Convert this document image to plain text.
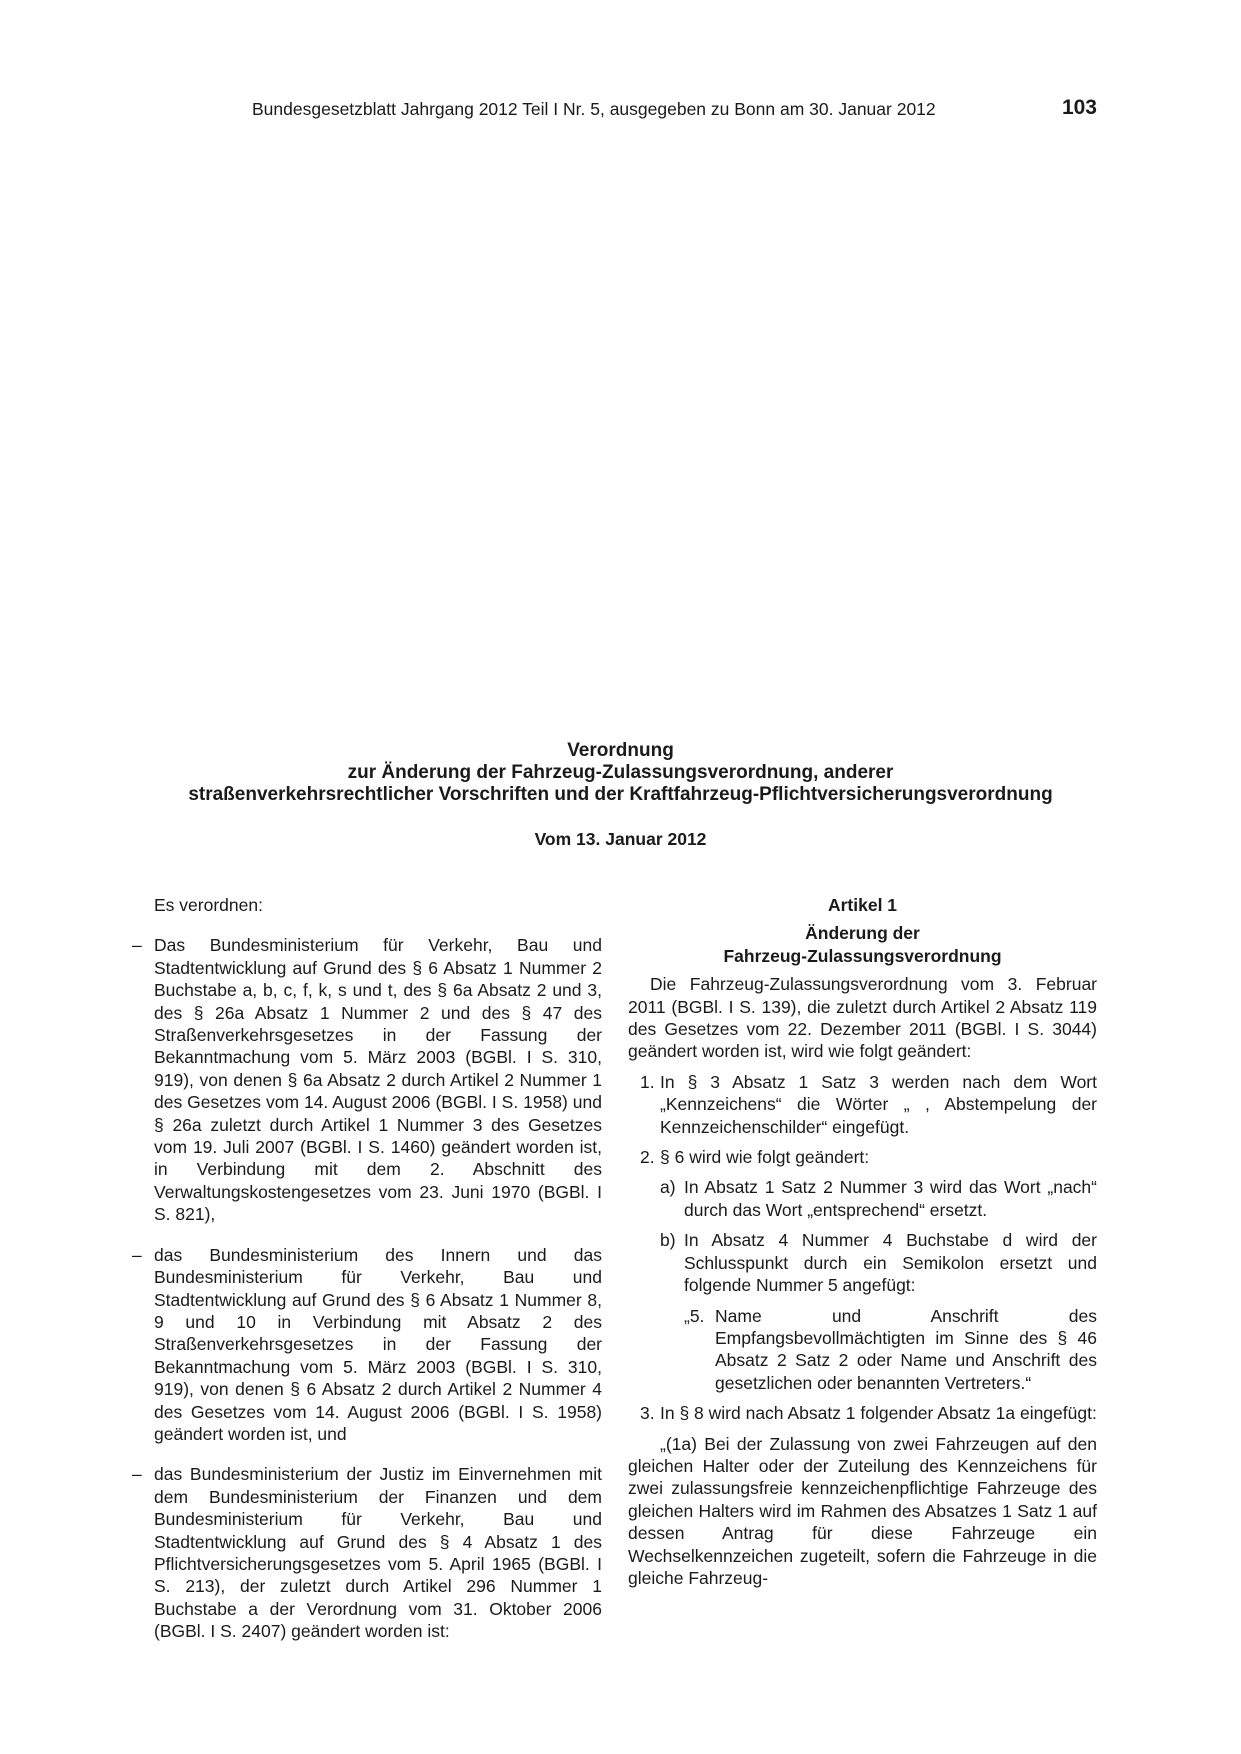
Bundesgesetzblatt Jahrgang 2012 Teil I Nr. 5, ausgegeben zu Bonn am 30. Januar 2012	103
Verordnung
zur Änderung der Fahrzeug-Zulassungsverordnung, anderer
straßenverkehrsrechtlicher Vorschriften und der Kraftfahrzeug-Pflichtversicherungsverordnung
Vom 13. Januar 2012

Es verordnen:

– Das Bundesministerium für Verkehr, Bau und Stadtentwicklung auf Grund des § 6 Absatz 1 Nummer 2 Buchstabe a, b, c, f, k, s und t, des § 6a Absatz 2 und 3, des § 26a Absatz 1 Nummer 2 und des § 47 des Straßenverkehrsgesetzes in der Fassung der Bekanntmachung vom 5. März 2003 (BGBl. I S. 310, 919), von denen § 6a Absatz 2 durch Artikel 2 Nummer 1 des Gesetzes vom 14. August 2006 (BGBl. I S. 1958) und § 26a zuletzt durch Artikel 1 Nummer 3 des Gesetzes vom 19. Juli 2007 (BGBl. I S. 1460) geändert worden ist, in Verbindung mit dem 2. Abschnitt des Verwaltungskostengesetzes vom 23. Juni 1970 (BGBl. I S. 821),

– das Bundesministerium des Innern und das Bundesministerium für Verkehr, Bau und Stadtentwicklung auf Grund des § 6 Absatz 1 Nummer 8, 9 und 10 in Verbindung mit Absatz 2 des Straßenverkehrsgesetzes in der Fassung der Bekanntmachung vom 5. März 2003 (BGBl. I S. 310, 919), von denen § 6 Absatz 2 durch Artikel 2 Nummer 4 des Gesetzes vom 14. August 2006 (BGBl. I S. 1958) geändert worden ist, und

– das Bundesministerium der Justiz im Einvernehmen mit dem Bundesministerium der Finanzen und dem Bundesministerium für Verkehr, Bau und Stadtentwicklung auf Grund des § 4 Absatz 1 des Pflichtversicherungsgesetzes vom 5. April 1965 (BGBl. I S. 213), der zuletzt durch Artikel 296 Nummer 1 Buchstabe a der Verordnung vom 31. Oktober 2006 (BGBl. I S. 2407) geändert worden ist:

Artikel 1

Änderung der
Fahrzeug-Zulassungsverordnung

Die Fahrzeug-Zulassungsverordnung vom 3. Februar 2011 (BGBl. I S. 139), die zuletzt durch Artikel 2 Absatz 119 des Gesetzes vom 22. Dezember 2011 (BGBl. I S. 3044) geändert worden ist, wird wie folgt geändert:

1. In § 3 Absatz 1 Satz 3 werden nach dem Wort „Kennzeichens“ die Wörter „ , Abstempelung der Kennzeichenschilder“ eingefügt.

2. § 6 wird wie folgt geändert:

a) In Absatz 1 Satz 2 Nummer 3 wird das Wort „nach“ durch das Wort „entsprechend“ ersetzt.

b) In Absatz 4 Nummer 4 Buchstabe d wird der Schlusspunkt durch ein Semikolon ersetzt und folgende Nummer 5 angefügt:

„5. Name und Anschrift des Empfangsbevollmächtigten im Sinne des § 46 Absatz 2 Satz 2 oder Name und Anschrift des gesetzlichen oder benannten Vertreters.“

3. In § 8 wird nach Absatz 1 folgender Absatz 1a eingefügt:

„(1a) Bei der Zulassung von zwei Fahrzeugen auf den gleichen Halter oder der Zuteilung des Kennzeichens für zwei zulassungsfreie kennzeichenpflichtige Fahrzeuge des gleichen Halters wird im Rahmen des Absatzes 1 Satz 1 auf dessen Antrag für diese Fahrzeuge ein Wechselkennzeichen zugeteilt, sofern die Fahrzeuge in die gleiche Fahrzeug-
